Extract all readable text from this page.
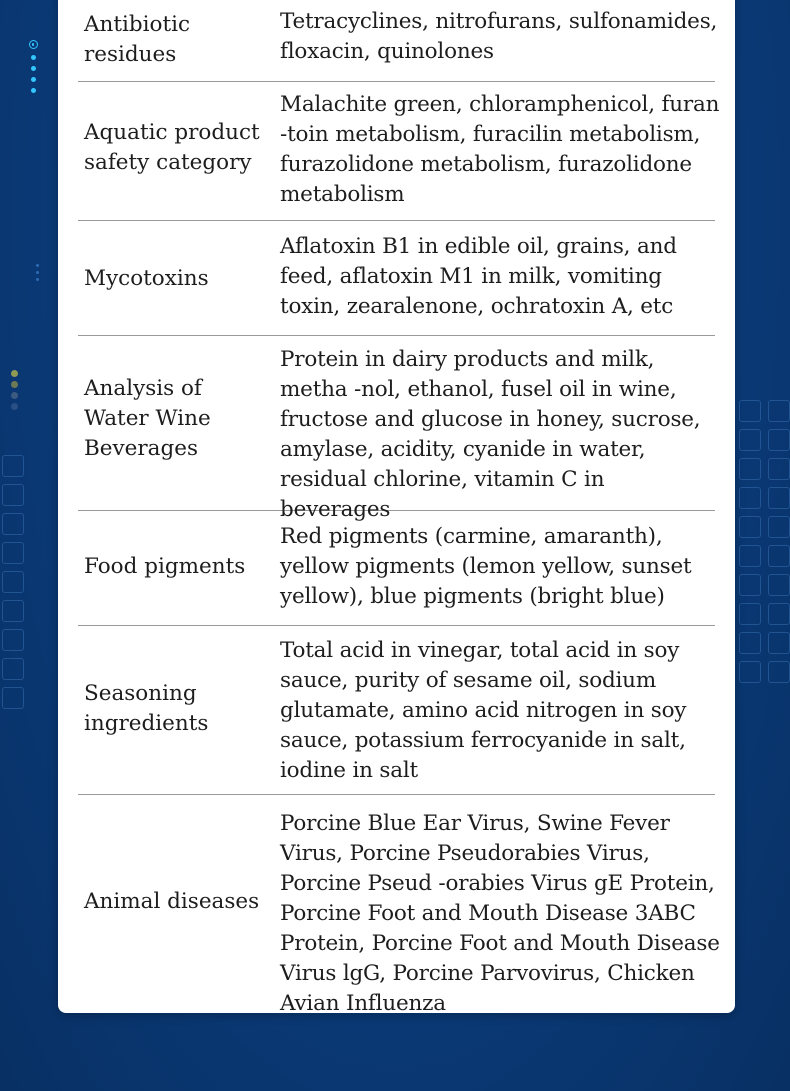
Antibiotic residues
Tetracyclines, nitrofurans, sulfonamides, floxacin, quinolones
Aquatic product safety category
Malachite green, chloramphenicol, furan -toin metabolism, furacilin metabolism, furazolidone metabolism, furazolidone metabolism
Mycotoxins
Aflatoxin B1 in edible oil, grains, and feed, aflatoxin M1 in milk, vomiting toxin, zearalenone, ochratoxin A, etc
Analysis of Water Wine Beverages
Protein in dairy products and milk, metha -nol, ethanol, fusel oil in wine, fructose and glucose in honey, sucrose, amylase, acidity, cyanide in water, residual chlorine, vitamin C in beverages
Food pigments
Red pigments (carmine, amaranth), yellow pigments (lemon yellow, sunset yellow), blue pigments (bright blue)
Seasoning ingredients
Total acid in vinegar, total acid in soy sauce, purity of sesame oil, sodium glutamate, amino acid nitrogen in soy sauce, potassium ferrocyanide in salt, iodine in salt
Animal diseases
Porcine Blue Ear Virus, Swine Fever Virus, Porcine Pseudorabies Virus, Porcine Pseud -orabies Virus gE Protein, Porcine Foot and Mouth Disease 3ABC Protein, Porcine Foot and Mouth Disease Virus lgG, Porcine Parvovirus, Chicken Avian Influenza
